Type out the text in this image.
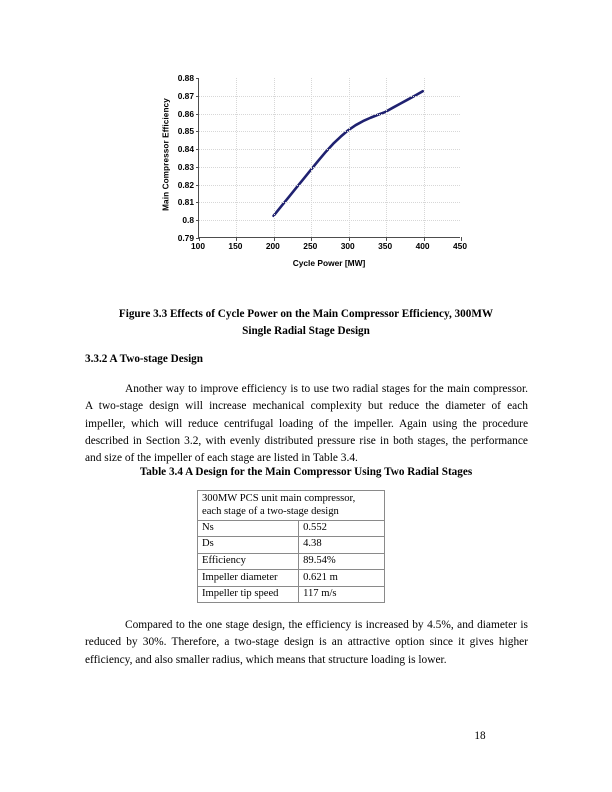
Main Compressor Efficiency
0.88
0.87
0.86
0.85
0.84
0.83
0.82
0.81
0.8
0.79
100	150	200	250	300	350	400	450
Cycle Power [MW]
Figure 3.3 Effects of Cycle Power on the Main Compressor Efficiency, 300MW
Single Radial Stage Design
3.3.2 A Two-stage Design
Another way to improve efficiency is to use two radial stages for the main compressor. A two-stage design will increase mechanical complexity but reduce the diameter of each impeller, which will reduce centrifugal loading of the impeller. Again using the procedure described in Section 3.2, with evenly distributed pressure rise in both stages, the performance and size of the impeller of each stage are listed in Table 3.4.
Table 3.4 A Design for the Main Compressor Using Two Radial Stages
300MW PCS unit main compressor,
each stage of a two-stage design	
Ns	0.552
Ds	4.38
Efficiency	89.54%
Impeller diameter	0.621 m
Impeller tip speed	117 m/s
Compared to the one stage design, the efficiency is increased by 4.5%, and diameter is reduced by 30%. Therefore, a two-stage design is an attractive option since it gives higher efficiency, and also smaller radius, which means that structure loading is lower.
18
